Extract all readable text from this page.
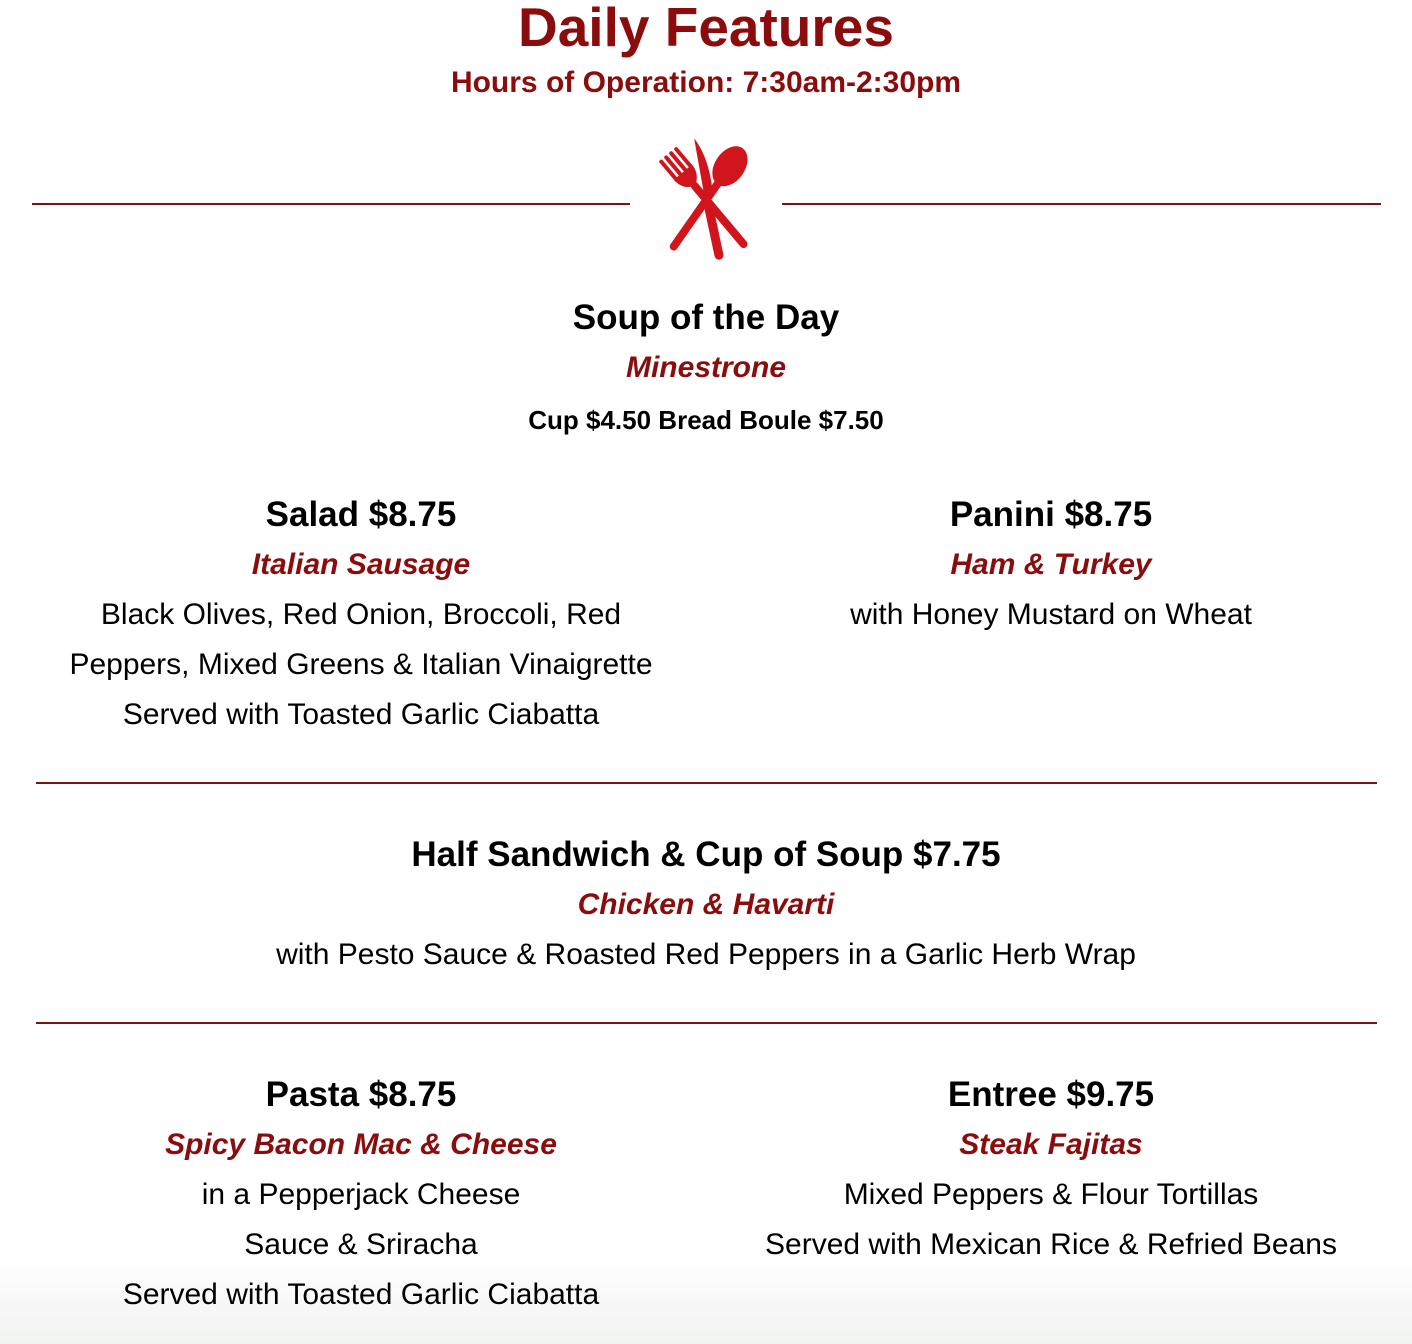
Daily Features
Hours of Operation: 7:30am-2:30pm
Soup of the Day
Minestrone
Cup $4.50 Bread Boule $7.50
Salad $8.75
Italian Sausage
Black Olives, Red Onion, Broccoli, Red
Peppers, Mixed Greens & Italian Vinaigrette
Served with Toasted Garlic Ciabatta
Panini $8.75
Ham & Turkey
with Honey Mustard on Wheat
Half Sandwich & Cup of Soup $7.75
Chicken & Havarti
with Pesto Sauce & Roasted Red Peppers in a Garlic Herb Wrap
Pasta $8.75
Spicy Bacon Mac & Cheese
in a Pepperjack Cheese
Sauce & Sriracha
Served with Toasted Garlic Ciabatta
Entree $9.75
Steak Fajitas
Mixed Peppers & Flour Tortillas
Served with Mexican Rice & Refried Beans
